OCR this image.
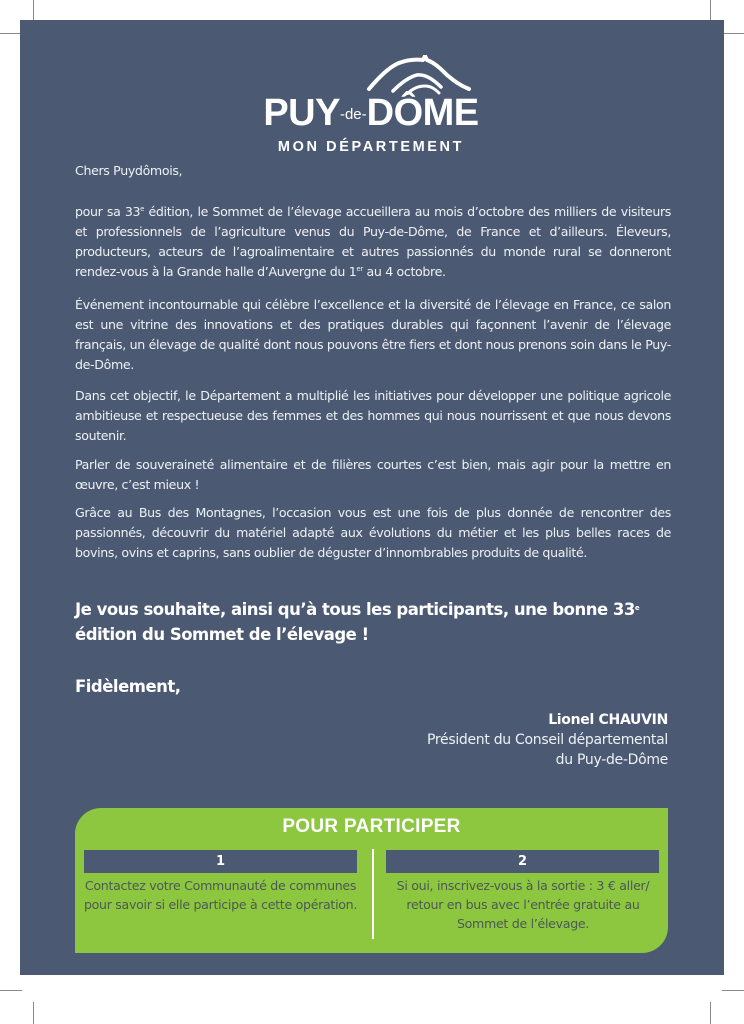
PUY-de-DÔME
MON DÉPARTEMENT
Chers Puydômois,

pour sa 33e édition, le Sommet de l’élevage accueillera au mois d’octobre des milliers de visiteurs et professionnels de l’agriculture venus du Puy-de-Dôme, de France et d’ailleurs. Éleveurs, producteurs, acteurs de l’agroalimentaire et autres passionnés du monde rural se donneront rendez-vous à la Grande halle d’Auvergne du 1er au 4 octobre.

Événement incontournable qui célèbre l’excellence et la diversité de l’élevage en France, ce salon est une vitrine des innovations et des pratiques durables qui façonnent l’avenir de l’élevage français, un élevage de qualité dont nous pouvons être fiers et dont nous prenons soin dans le Puy-de-Dôme.
Dans cet objectif, le Département a multiplié les initiatives pour développer une politique agricole ambitieuse et respectueuse des femmes et des hommes qui nous nourrissent et que nous devons soutenir.
Parler de souveraineté alimentaire et de filières courtes c’est bien, mais agir pour la mettre en œuvre, c’est mieux !
Grâce au Bus des Montagnes, l’occasion vous est une fois de plus donnée de rencontrer des passionnés, découvrir du matériel adapté aux évolutions du métier et les plus belles races de bovins, ovins et caprins, sans oublier de déguster d’innombrables produits de qualité.
Je vous souhaite, ainsi qu’à tous les participants, une bonne 33e édition du Sommet de l’élevage !
Fidèlement,
Lionel CHAUVIN
Président du Conseil départemental
du Puy-de-Dôme
POUR PARTICIPER
1
Contactez votre Communauté de communes pour savoir si elle participe à cette opération.
2
Si oui, inscrivez-vous à la sortie : 3 € aller/ retour en bus avec l’entrée gratuite au Sommet de l’élevage.
